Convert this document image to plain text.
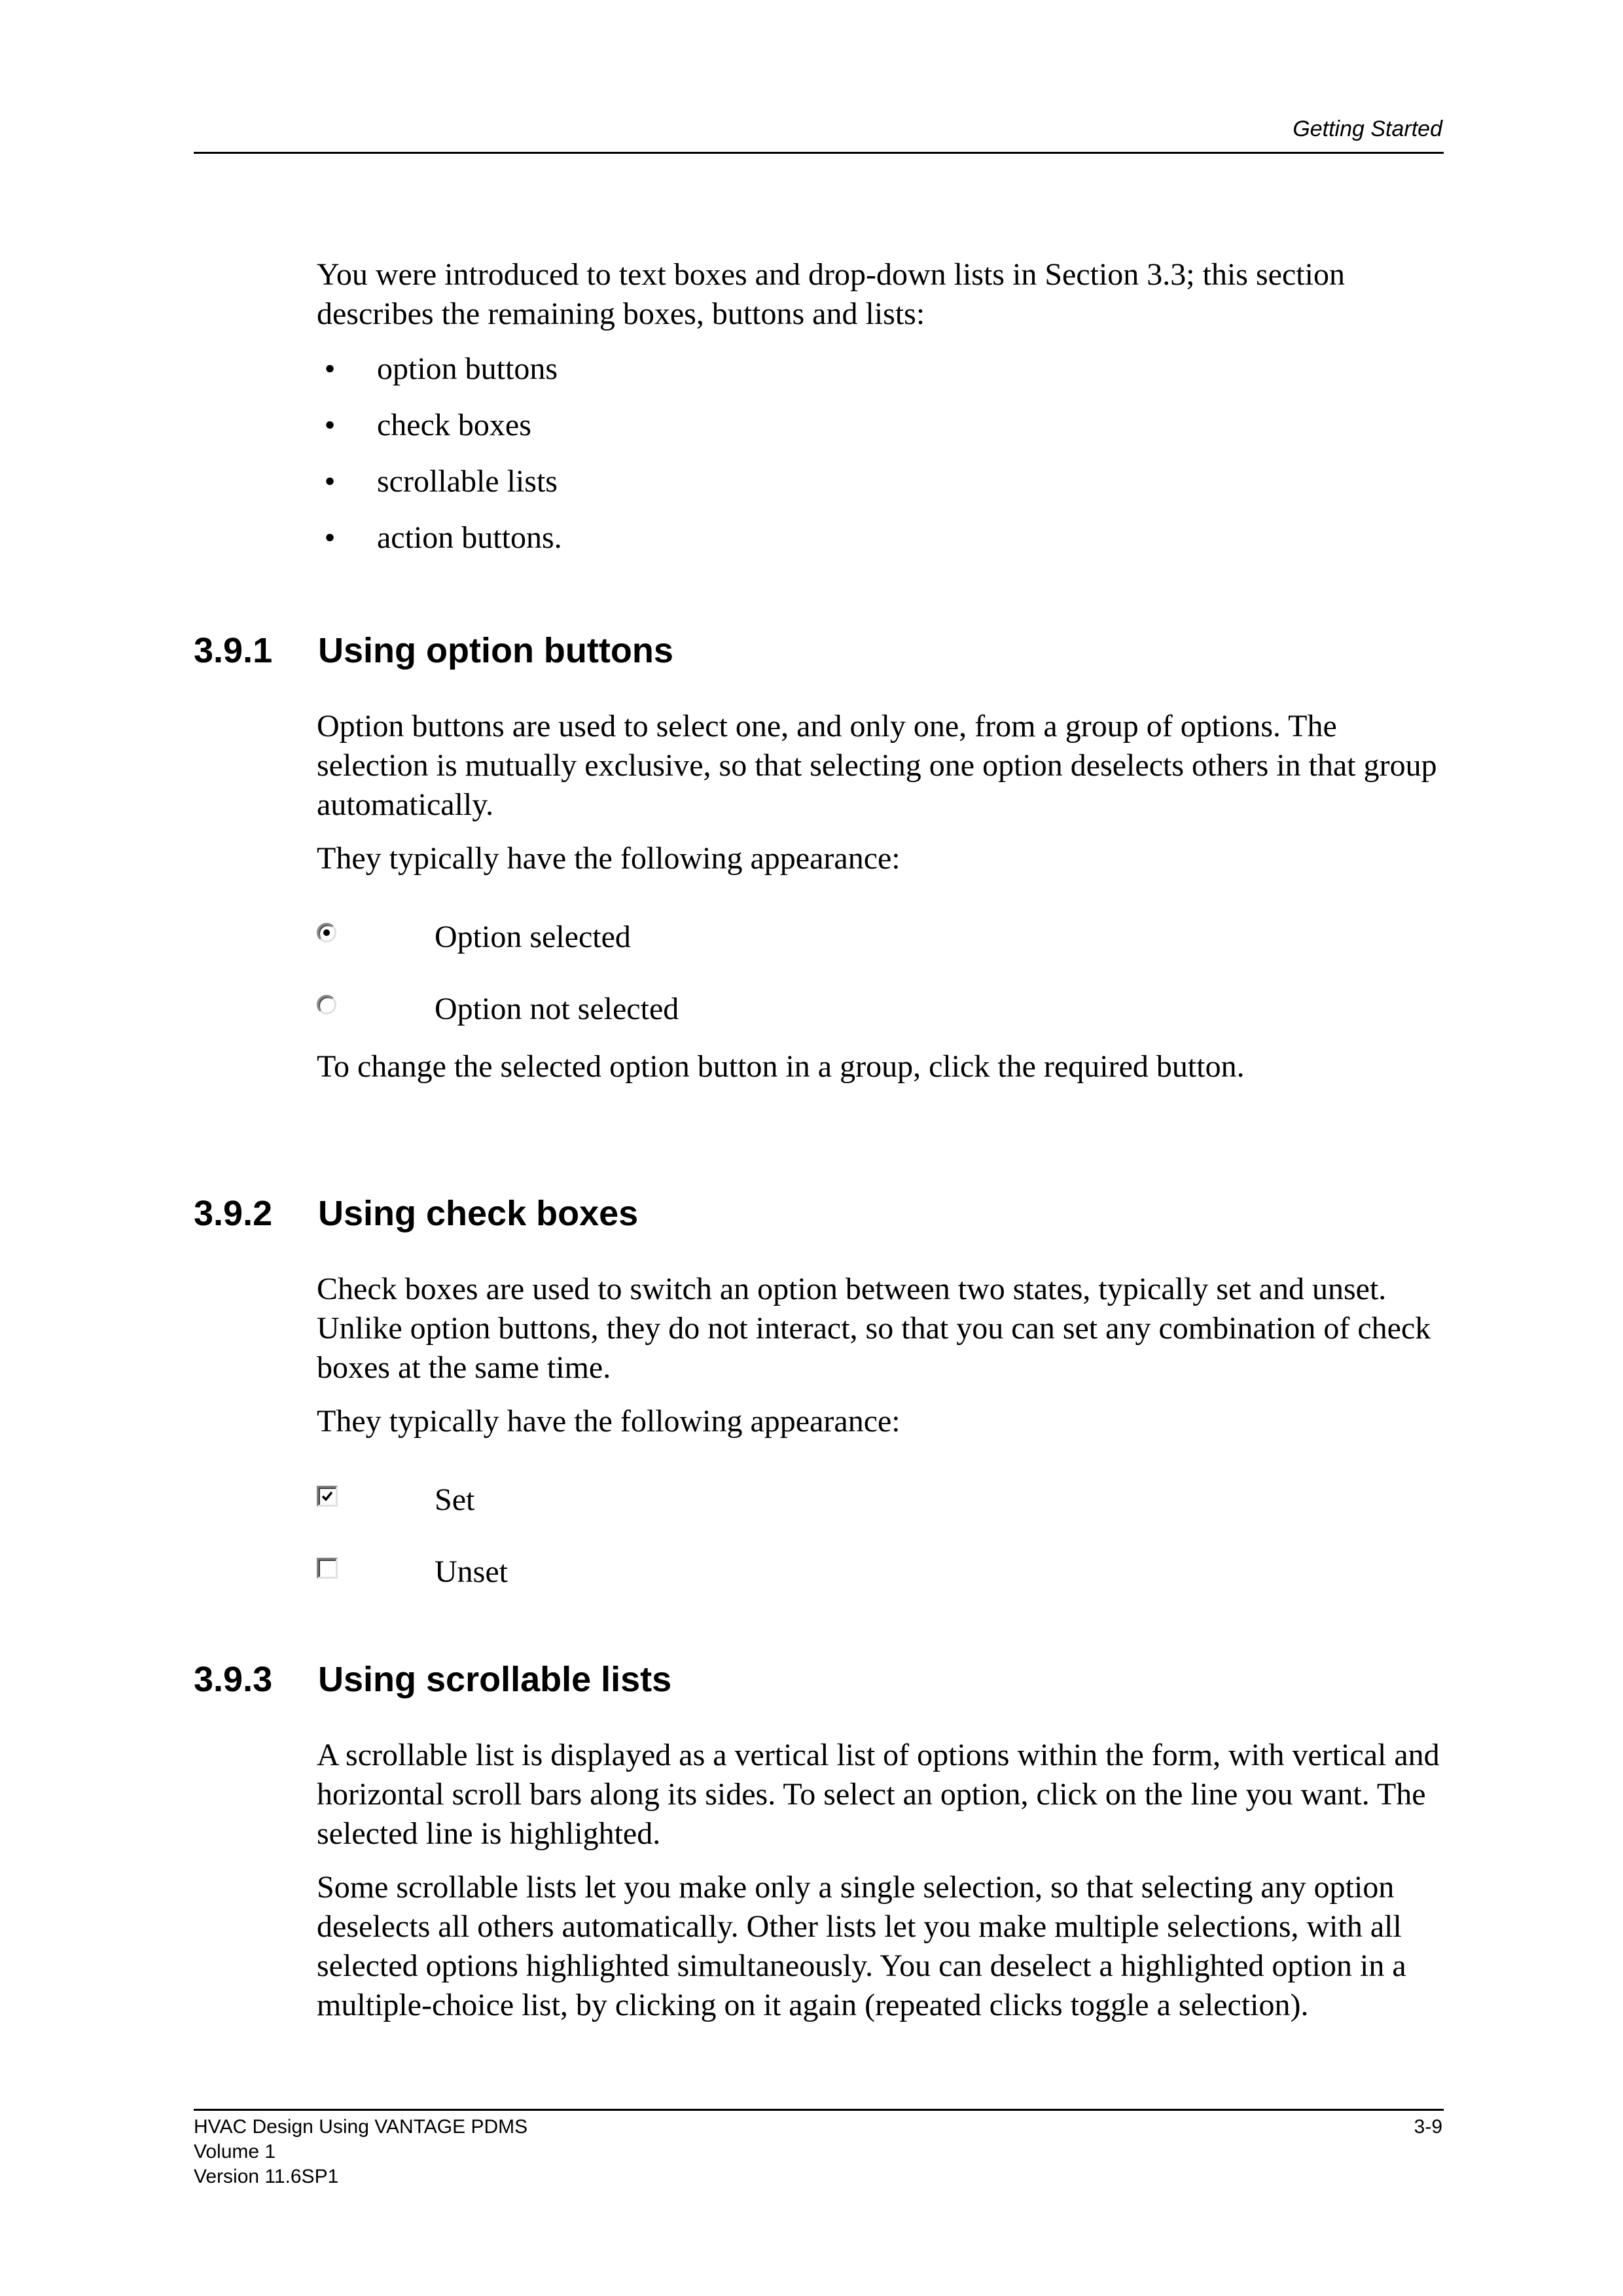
Getting Started

You were introduced to text boxes and drop-down lists in Section 3.3; this section describes the remaining boxes, buttons and lists:

• option buttons
• check boxes
• scrollable lists
• action buttons.
3.9.1 Using option buttons

Option buttons are used to select one, and only one, from a group of options. The selection is mutually exclusive, so that selecting one option deselects others in that group automatically.

They typically have the following appearance:

Option selected
Option not selected

To change the selected option button in a group, click the required button.

3.9.2 Using check boxes

Check boxes are used to switch an option between two states, typically set and unset. Unlike option buttons, they do not interact, so that you can set any combination of check boxes at the same time.

They typically have the following appearance:

Set
Unset
3.9.3 Using scrollable lists

A scrollable list is displayed as a vertical list of options within the form, with vertical and horizontal scroll bars along its sides. To select an option, click on the line you want. The selected line is highlighted.

Some scrollable lists let you make only a single selection, so that selecting any option deselects all others automatically. Other lists let you make multiple selections, with all selected options highlighted simultaneously. You can deselect a highlighted option in a multiple-choice list, by clicking on it again (repeated clicks toggle a selection).

HVAC Design Using VANTAGE PDMS
Volume 1
Version 11.6SP1
3-9
